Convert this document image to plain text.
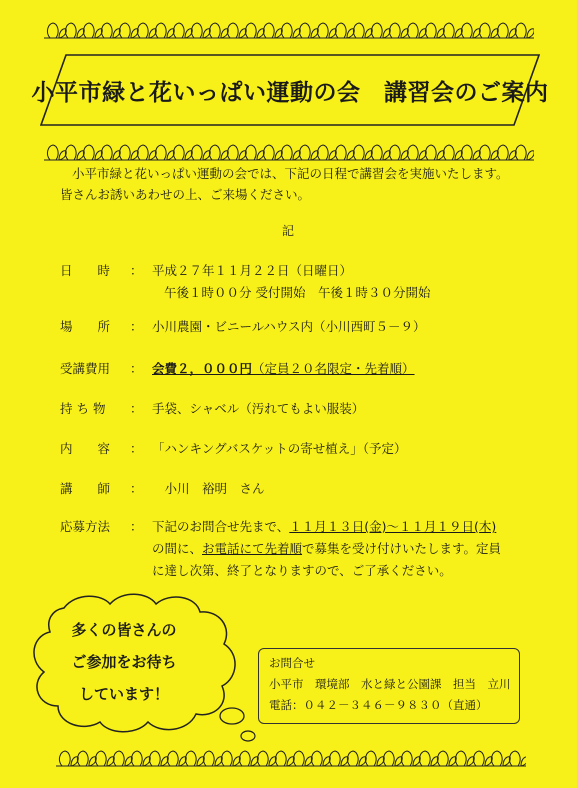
小平市緑と花いっぱい運動の会　講習会のご案内

小平市緑と花いっぱい運動の会では、下記の日程で講習会を実施いたします。

皆さんお誘いあわせの上、ご来場ください。

記
日　　時	： 平成２７年１１月２２日（日曜日）
午後１時００分 受付開始　午後１時３０分開始
場　　所	： 小川農園・ビニールハウス内（小川西町５－９）
受講費用	： 会費２，０００円（定員２０名限定・先着順）
持 ち 物	： 手袋、シャベル（汚れてもよい服装）
内　　容	： 「ハンキングバスケットの寄せ植え」（予定）
講　　師	： 　小川　裕明　さん
応募方法	： 下記のお問合せ先まで、１１月１３日(金)～１１月１９日(木)
の間に、お電話にて先着順で募集を受け付けいたします。定員
に達し次第、終了となりますので、ご了承ください。
多くの皆さんの
ご参加をお待ち
しています！
お問合せ
小平市　環境部　水と緑と公園課　担当　立川
電話：０４２－３４６－９８３０（直通）
